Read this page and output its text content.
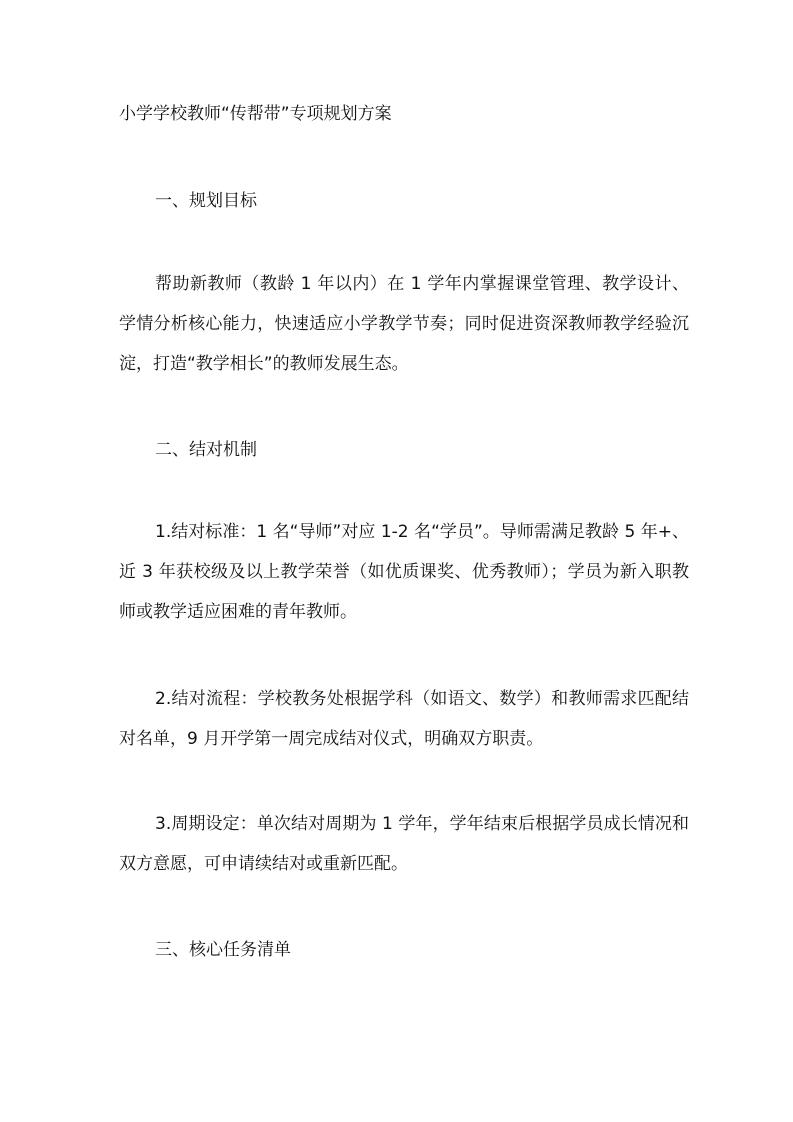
小学学校教师“传帮带”专项规划方案

一、规划目标

帮助新教师（教龄 1 年以内）在 1 学年内掌握课堂管理、教学设计、学情分析核心能力，快速适应小学教学节奏；同时促进资深教师教学经验沉淀，打造“教学相长”的教师发展生态。

二、结对机制

1.结对标准：1 名“导师”对应 1-2 名“学员”。导师需满足教龄 5 年+、近 3 年获校级及以上教学荣誉（如优质课奖、优秀教师）；学员为新入职教师或教学适应困难的青年教师。

2.结对流程：学校教务处根据学科（如语文、数学）和教师需求匹配结对名单，9 月开学第一周完成结对仪式，明确双方职责。

3.周期设定：单次结对周期为 1 学年，学年结束后根据学员成长情况和双方意愿，可申请续结对或重新匹配。

三、核心任务清单
